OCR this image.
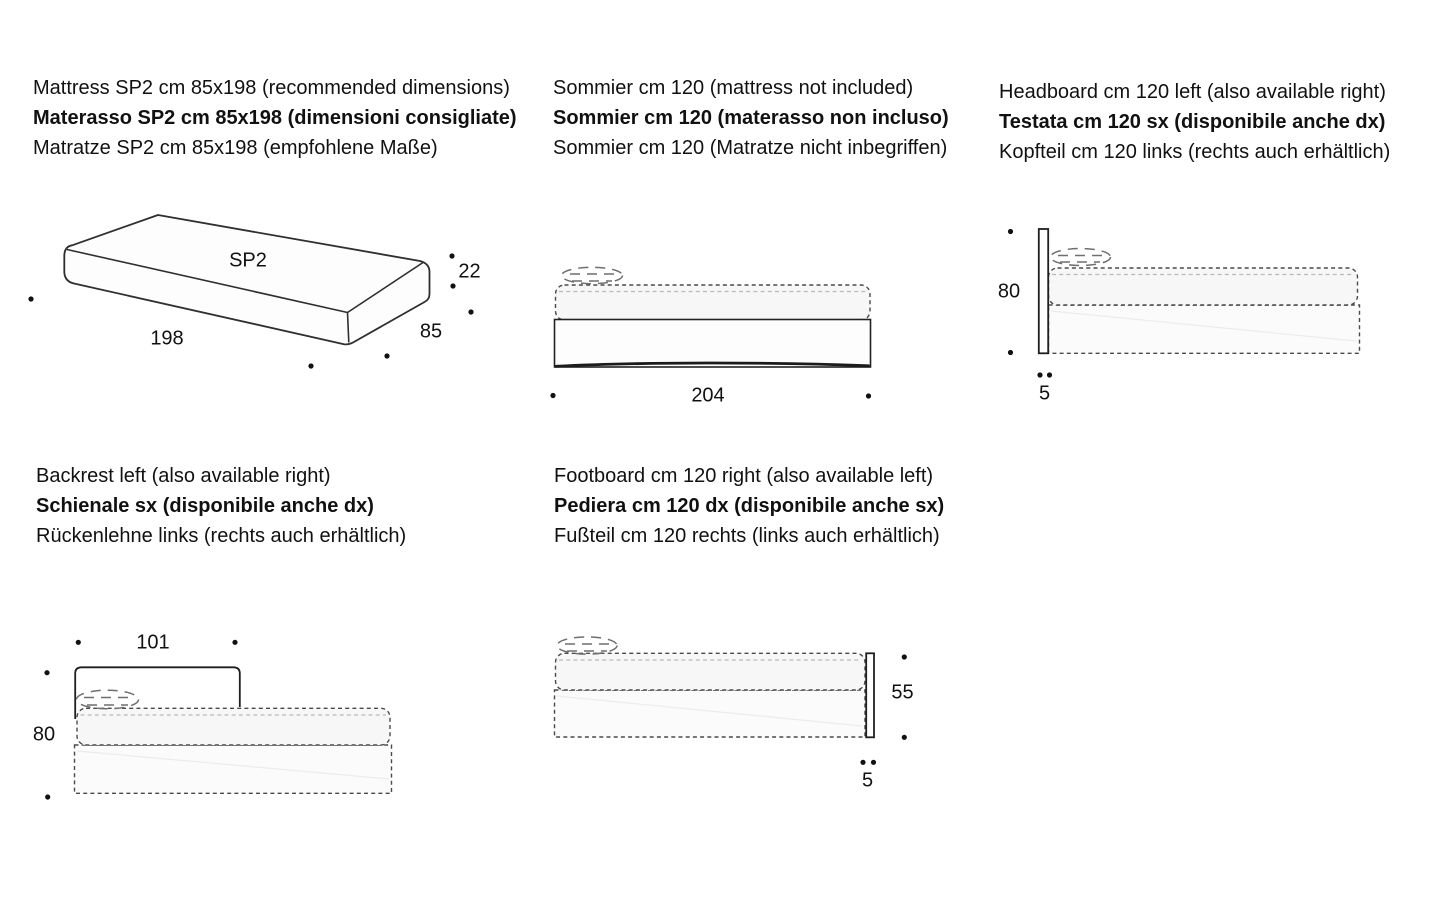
Mattress SP2 cm 85x198 (recommended dimensions)
Materasso SP2 cm 85x198 (dimensioni consigliate)
Matratze SP2 cm 85x198 (empfohlene Maße)
Sommier cm 120 (mattress not included)
Sommier cm 120 (materasso non incluso)
Sommier cm 120 (Matratze nicht inbegriffen)
Headboard cm 120 left (also available right)
Testata cm 120 sx (disponibile anche dx)
Kopfteil cm 120 links (rechts auch erhältlich)
Backrest left (also available right)
Schienale sx (disponibile anche dx)
Rückenlehne links (rechts auch erhältlich)
Footboard cm 120 right (also available left)
Pediera cm 120 dx (disponibile anche sx)
Fußteil cm 120 rechts (links auch erhältlich)
SP2
198	85
22
204
80
5
101
80
55
5
